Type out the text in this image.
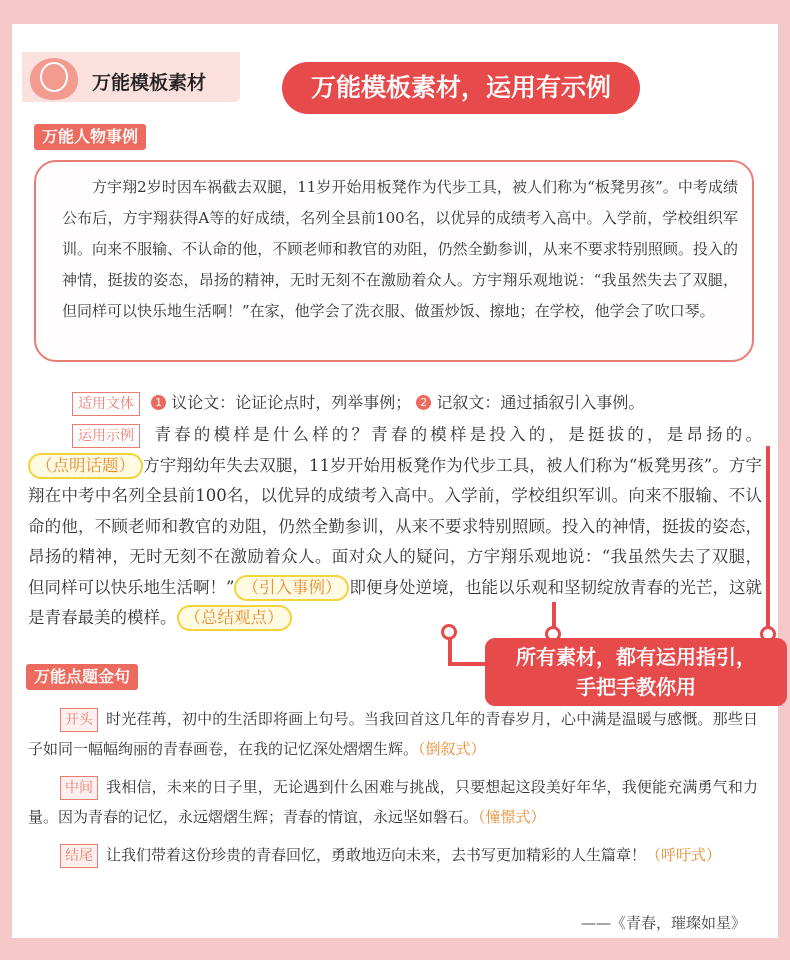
万能模板素材	万能模板素材，运用有示例
万能人物事例

方宇翔2岁时因车祸截去双腿，11岁开始用板凳作为代步工具，被人们称为“板凳男孩”。中考成绩公布后，方宇翔获得A等的好成绩，名列全县前100名，以优异的成绩考入高中。入学前，学校组织军训。向来不服输、不认命的他，不顾老师和教官的劝阻，仍然全勤参训，从来不要求特别照顾。投入的神情，挺拔的姿态，昂扬的精神，无时无刻不在激励着众人。方宇翔乐观地说：“我虽然失去了双腿，但同样可以快乐地生活啊！”在家，他学会了洗衣服、做蛋炒饭、擦地；在学校，他学会了吹口琴。

适用文体 1 议论文：论证论点时，列举事例； 2 记叙文：通过插叙引入事例。

运用示例 青春的模样是什么样的？青春的模样是投入的，是挺拔的，是昂扬的。（点明话题） 方宇翔幼年失去双腿，11岁开始用板凳作为代步工具，被人们称为“板凳男孩”。方宇翔在中考中名列全县前100名，以优异的成绩考入高中。入学前，学校组织军训。向来不服输、不认命的他，不顾老师和教官的劝阻，仍然全勤参训，从来不要求特别照顾。投入的神情，挺拔的姿态，昂扬的精神，无时无刻不在激励着众人。面对众人的疑问，方宇翔乐观地说：“我虽然失去了双腿，但同样可以快乐地生活啊！” （引入事例） 即便身处逆境，也能以乐观和坚韧绽放青春的光芒，这就是青春最美的模样。 （总结观点）

所有素材，都有运用指引，
手把手教你用
万能点题金句

开头 时光荏苒，初中的生活即将画上句号。当我回首这几年的青春岁月，心中满是温暖与感慨。那些日子如同一幅幅绚丽的青春画卷，在我的记忆深处熠熠生辉。（倒叙式）

中间 我相信，未来的日子里，无论遇到什么困难与挑战，只要想起这段美好年华，我便能充满勇气和力量。因为青春的记忆，永远熠熠生辉；青春的情谊，永远坚如磐石。（憧憬式）

结尾 让我们带着这份珍贵的青春回忆，勇敢地迈向未来，去书写更加精彩的人生篇章！（呼吁式）

——《青春，璀璨如星》
